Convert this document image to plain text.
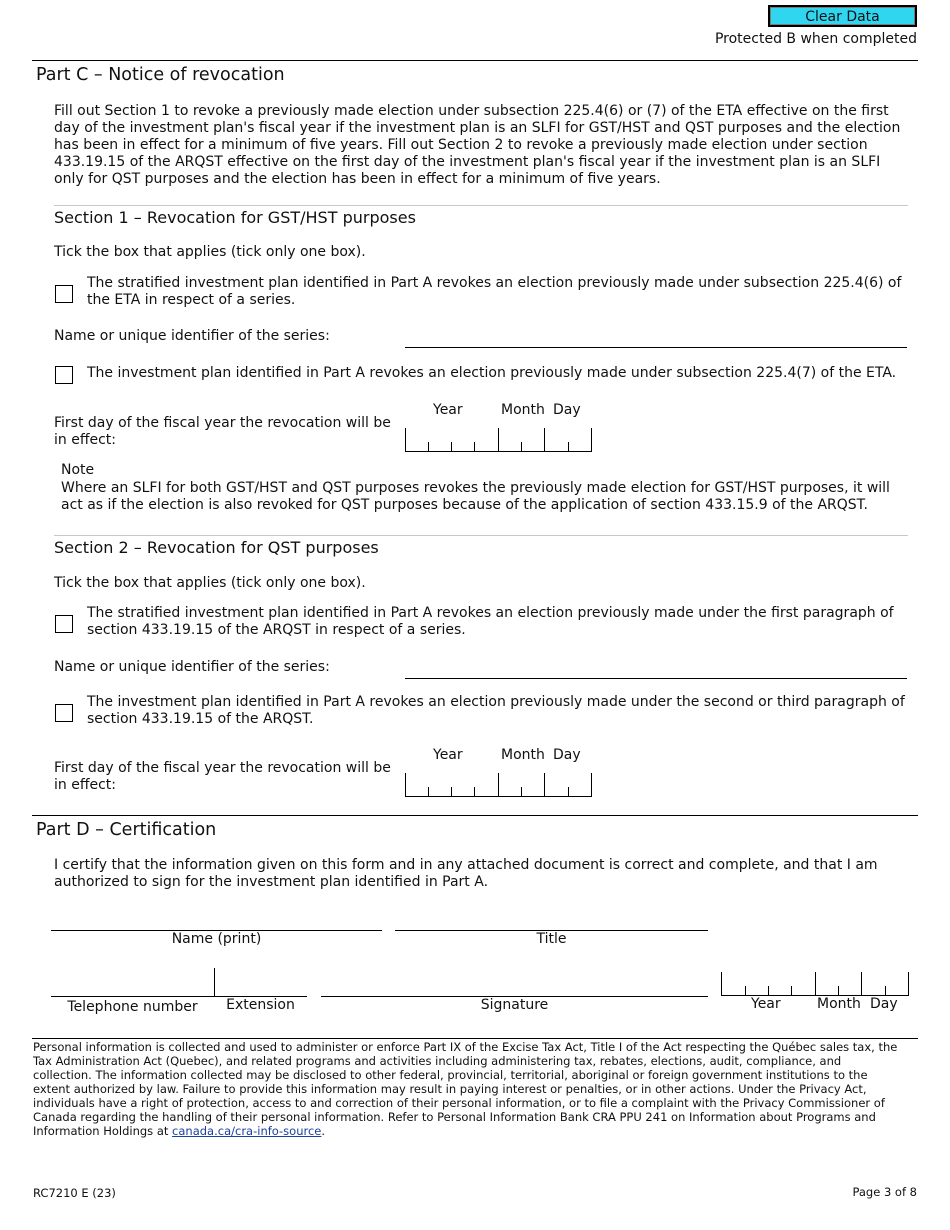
Clear Data
Protected B when completed
Part C – Notice of revocation
Fill out Section 1 to revoke a previously made election under subsection 225.4(6) or (7) of the ETA effective on the first day of the investment plan's fiscal year if the investment plan is an SLFI for GST/HST and QST purposes and the election has been in effect for a minimum of five years. Fill out Section 2 to revoke a previously made election under section 433.19.15 of the ARQST effective on the first day of the investment plan's fiscal year if the investment plan is an SLFI only for QST purposes and the election has been in effect for a minimum of five years.
Section 1 – Revocation for GST/HST purposes
Tick the box that applies (tick only one box).
The stratified investment plan identified in Part A revokes an election previously made under subsection 225.4(6) of the ETA in respect of a series.
Name or unique identifier of the series:
The investment plan identified in Part A revokes an election previously made under subsection 225.4(7) of the ETA.
Year	Month Day
First day of the fiscal year the revocation will be in effect:
Note
Where an SLFI for both GST/HST and QST purposes revokes the previously made election for GST/HST purposes, it will act as if the election is also revoked for QST purposes because of the application of section 433.15.9 of the ARQST.
Section 2 – Revocation for QST purposes
Tick the box that applies (tick only one box).
The stratified investment plan identified in Part A revokes an election previously made under the first paragraph of section 433.19.15 of the ARQST in respect of a series.
Name or unique identifier of the series:
The investment plan identified in Part A revokes an election previously made under the second or third paragraph of section 433.19.15 of the ARQST.
Year	Month Day
First day of the fiscal year the revocation will be in effect:
Part D – Certification
I certify that the information given on this form and in any attached document is correct and complete, and that I am authorized to sign for the investment plan identified in Part A.
Name (print)	Title
Telephone number	Extension	Signature	Year	Month Day
Personal information is collected and used to administer or enforce Part IX of the Excise Tax Act, Title I of the Act respecting the Québec sales tax, the Tax Administration Act (Quebec), and related programs and activities including administering tax, rebates, elections, audit, compliance, and collection. The information collected may be disclosed to other federal, provincial, territorial, aboriginal or foreign government institutions to the extent authorized by law. Failure to provide this information may result in paying interest or penalties, or in other actions. Under the Privacy Act, individuals have a right of protection, access to and correction of their personal information, or to file a complaint with the Privacy Commissioner of Canada regarding the handling of their personal information. Refer to Personal Information Bank CRA PPU 241 on Information about Programs and Information Holdings at canada.ca/cra-info-source.
RC7210 E (23)	Page 3 of 8
